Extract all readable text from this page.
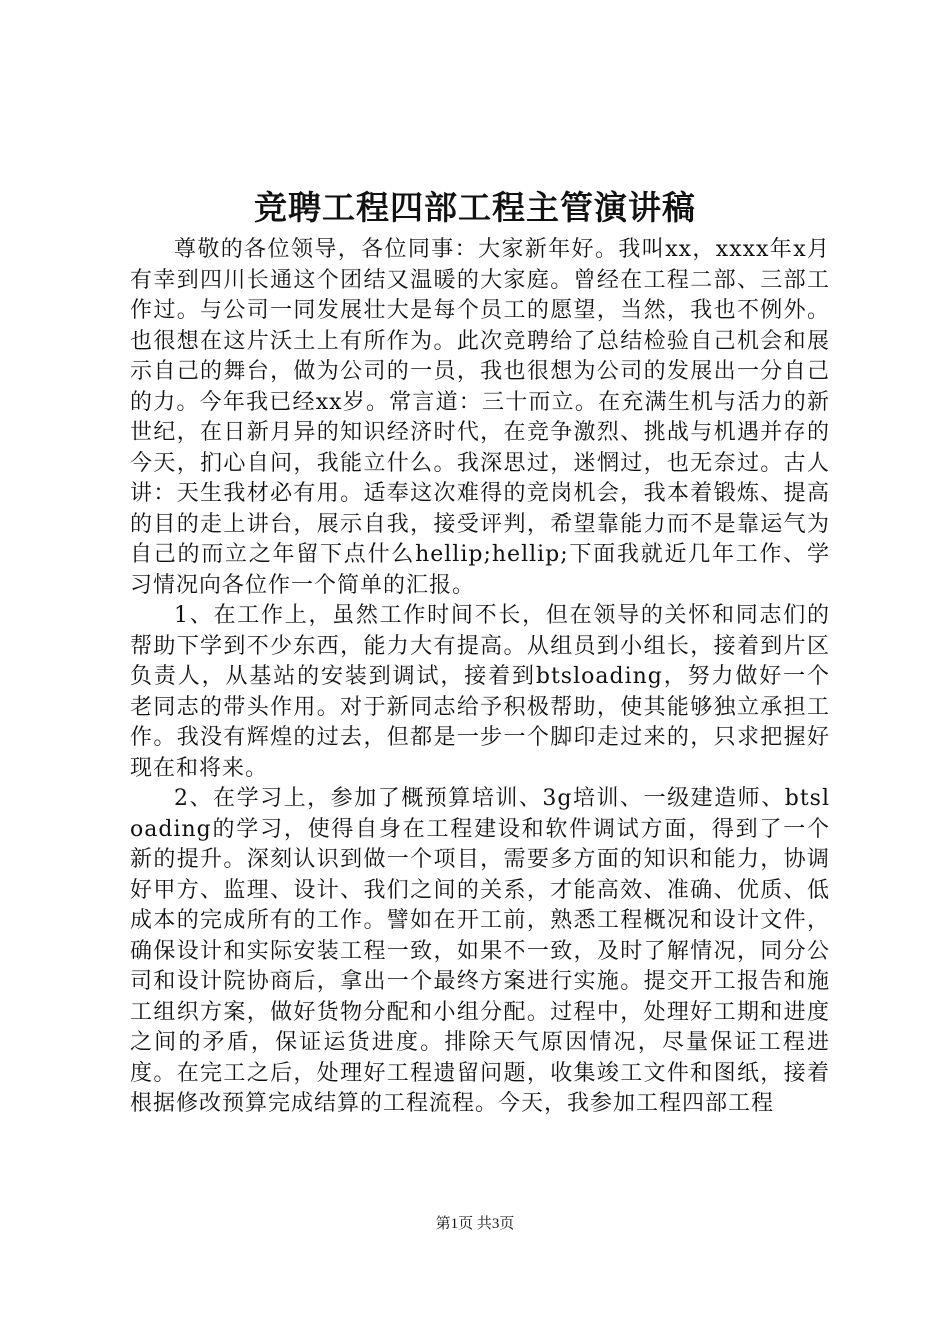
竞聘工程四部工程主管演讲稿

尊敬的各位领导，各位同事：大家新年好。我叫xx，xxxx年x月有幸到四川长通这个团结又温暖的大家庭。曾经在工程二部、三部工作过。与公司一同发展壮大是每个员工的愿望，当然，我也不例外。也很想在这片沃土上有所作为。此次竞聘给了总结检验自己机会和展示自己的舞台，做为公司的一员，我也很想为公司的发展出一分自己的力。今年我已经xx岁。常言道：三十而立。在充满生机与活力的新世纪，在日新月异的知识经济时代，在竞争激烈、挑战与机遇并存的今天，扪心自问，我能立什么。我深思过，迷惘过，也无奈过。古人讲：天生我材必有用。适奉这次难得的竞岗机会，我本着锻炼、提高的目的走上讲台，展示自我，接受评判，希望靠能力而不是靠运气为自己的而立之年留下点什么hellip;hellip;下面我就近几年工作、学习情况向各位作一个简单的汇报。

1、在工作上，虽然工作时间不长，但在领导的关怀和同志们的帮助下学到不少东西，能力大有提高。从组员到小组长，接着到片区负责人，从基站的安装到调试，接着到btsloading，努力做好一个老同志的带头作用。对于新同志给予积极帮助，使其能够独立承担工作。我没有辉煌的过去，但都是一步一个脚印走过来的，只求把握好现在和将来。

2、在学习上，参加了概预算培训、3g培训、一级建造师、btsloading的学习，使得自身在工程建设和软件调试方面，得到了一个新的提升。深刻认识到做一个项目，需要多方面的知识和能力，协调好甲方、监理、设计、我们之间的关系，才能高效、准确、优质、低成本的完成所有的工作。譬如在开工前，熟悉工程概况和设计文件，确保设计和实际安装工程一致，如果不一致，及时了解情况，同分公司和设计院协商后，拿出一个最终方案进行实施。提交开工报告和施工组织方案，做好货物分配和小组分配。过程中，处理好工期和进度之间的矛盾，保证运货进度。排除天气原因情况，尽量保证工程进度。在完工之后，处理好工程遗留问题，收集竣工文件和图纸，接着根据修改预算完成结算的工程流程。今天，我参加工程四部工程

第1页 共3页
